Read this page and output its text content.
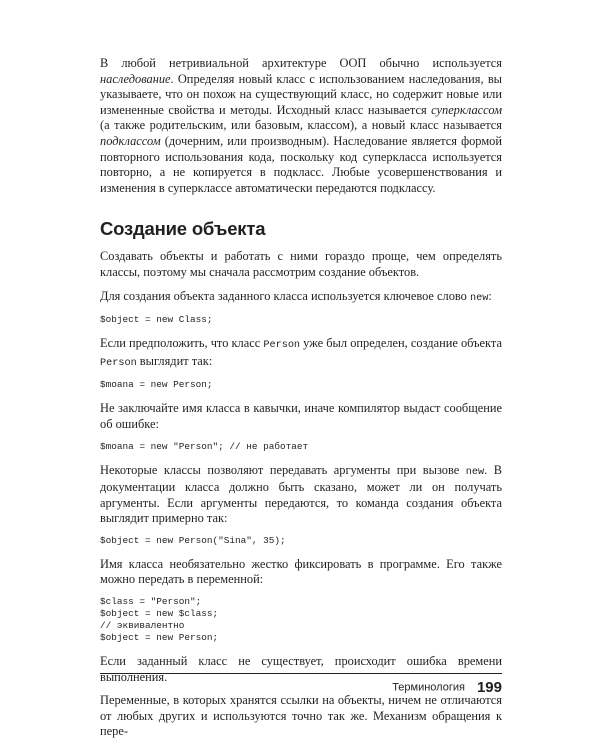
В любой нетривиальной архитектуре ООП обычно используется наследование. Определяя новый класс с использованием наследования, вы указываете, что он похож на существующий класс, но содержит новые или измененные свойства и методы. Исходный класс называется суперклассом (а также родительским, или базовым, классом), а новый класс называется подклассом (дочерним, или производным). Наследование является формой повторного использования кода, поскольку код суперкласса используется повторно, а не копируется в подкласс. Любые усовершенствования и изменения в суперклассе автоматически передаются подклассу.

Создание объекта

Создавать объекты и работать с ними гораздо проще, чем определять классы, поэтому мы сначала рассмотрим создание объектов.

Для создания объекта заданного класса используется ключевое слово new:

$object = new Class;

Если предположить, что класс Person уже был определен, создание объекта Person выглядит так:

$moana = new Person;

Не заключайте имя класса в кавычки, иначе компилятор выдаст сообщение об ошибке:

$moana = new "Person"; // не работает

Некоторые классы позволяют передавать аргументы при вызове new. В документации класса должно быть сказано, может ли он получать аргументы. Если аргументы передаются, то команда создания объекта выглядит примерно так:

$object = new Person("Sina", 35);

Имя класса необязательно жестко фиксировать в программе. Его также можно передать в переменной:

$class = "Person";
$object = new $class;
// эквивалентно
$object = new Person;

Если заданный класс не существует, происходит ошибка времени выполнения.

Переменные, в которых хранятся ссылки на объекты, ничем не отличаются от любых других и используются точно так же. Механизм обращения к пере-

Терминология 199
